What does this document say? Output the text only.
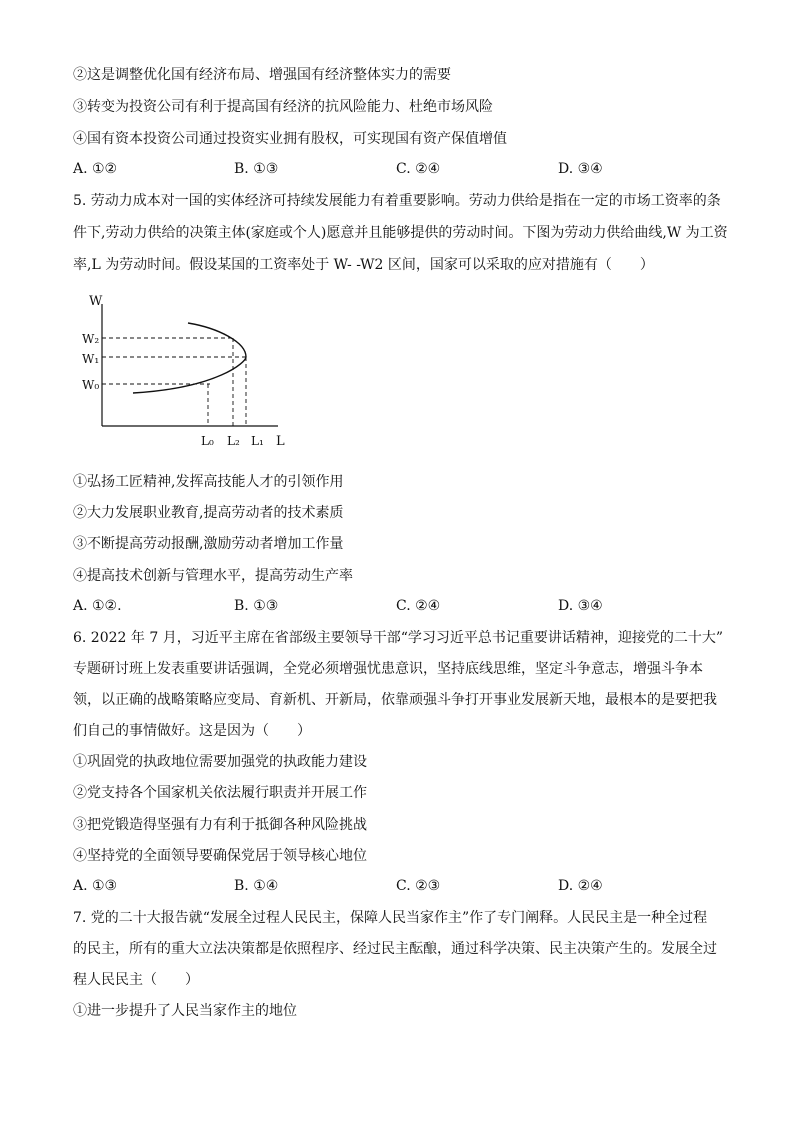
②这是调整优化国有经济布局、增强国有经济整体实力的需要
③转变为投资公司有利于提高国有经济的抗风险能力、杜绝市场风险
④国有资本投资公司通过投资实业拥有股权，可实现国有资产保值增值
A. ①②	B. ①③	C. ②④	D. ③④
5. 劳动力成本对一国的实体经济可持续发展能力有着重要影响。劳动力供给是指在一定的市场工资率的条
件下,劳动力供给的决策主体(家庭或个人)愿意并且能够提供的劳动时间。下图为劳动力供给曲线,W 为工资
率,L 为劳动时间。假设某国的工资率处于 W- -W2 区间，国家可以采取的应对措施有（　　）
W
L
W₂
W₁
W₀
L₀ L₂ L₁
①弘扬工匠精神,发挥高技能人才的引领作用
②大力发展职业教育,提高劳动者的技术素质
③不断提高劳动报酬,激励劳动者增加工作量
④提高技术创新与管理水平，提高劳动生产率
A. ①②.	B. ①③	C. ②④	D. ③④
6. 2022 年 7 月，习近平主席在省部级主要领导干部“学习习近平总书记重要讲话精神，迎接党的二十大”
专题研讨班上发表重要讲话强调，全党必须增强忧患意识，坚持底线思维，坚定斗争意志，增强斗争本
领，以正确的战略策略应变局、育新机、开新局，依靠顽强斗争打开事业发展新天地，最根本的是要把我
们自己的事情做好。这是因为（　　）
①巩固党的执政地位需要加强党的执政能力建设
②党支持各个国家机关依法履行职责并开展工作
③把党锻造得坚强有力有利于抵御各种风险挑战
④坚持党的全面领导要确保党居于领导核心地位
A. ①③	B. ①④	C. ②③	D. ②④
7. 党的二十大报告就“发展全过程人民民主，保障人民当家作主”作了专门阐释。人民民主是一种全过程
的民主，所有的重大立法决策都是依照程序、经过民主酝酿，通过科学决策、民主决策产生的。发展全过
程人民民主（　　）
①进一步提升了人民当家作主的地位
